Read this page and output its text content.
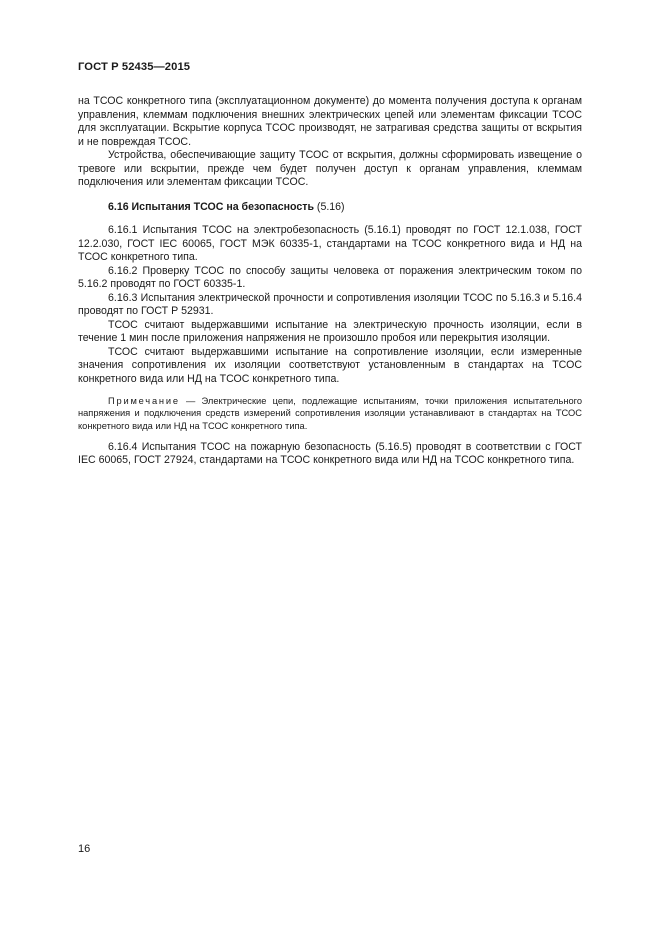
ГОСТ Р 52435—2015

на ТСОС конкретного типа (эксплуатационном документе) до момента получения доступа к органам управления, клеммам подключения внешних электрических цепей или элементам фиксации ТСОС для эксплуатации. Вскрытие корпуса ТСОС производят, не затрагивая средства защиты от вскрытия и не повреждая ТСОС.

Устройства, обеспечивающие защиту ТСОС от вскрытия, должны сформировать извещение о тревоге или вскрытии, прежде чем будет получен доступ к органам управления, клеммам подключения или элементам фиксации ТСОС.

6.16 Испытания ТСОС на безопасность (5.16)

6.16.1 Испытания ТСОС на электробезопасность (5.16.1) проводят по ГОСТ 12.1.038, ГОСТ 12.2.030, ГОСТ IEC 60065, ГОСТ МЭК 60335-1, стандартами на ТСОС конкретного вида и НД на ТСОС конкретного типа.

6.16.2 Проверку ТСОС по способу защиты человека от поражения электрическим током по 5.16.2 проводят по ГОСТ 60335-1.

6.16.3 Испытания электрической прочности и сопротивления изоляции ТСОС по 5.16.3 и 5.16.4 проводят по ГОСТ Р 52931.

ТСОС считают выдержавшими испытание на электрическую прочность изоляции, если в течение 1 мин после приложения напряжения не произошло пробоя или перекрытия изоляции.

ТСОС считают выдержавшими испытание на сопротивление изоляции, если измеренные значения сопротивления их изоляции соответствуют установленным в стандартах на ТСОС конкретного вида или НД на ТСОС конкретного типа.

Примечание — Электрические цепи, подлежащие испытаниям, точки приложения испытательного напряжения и подключения средств измерений сопротивления изоляции устанавливают в стандартах на ТСОС конкретного вида или НД на ТСОС конкретного типа.

6.16.4 Испытания ТСОС на пожарную безопасность (5.16.5) проводят в соответствии с ГОСТ IEC 60065, ГОСТ 27924, стандартами на ТСОС конкретного вида или НД на ТСОС конкретного типа.

16
